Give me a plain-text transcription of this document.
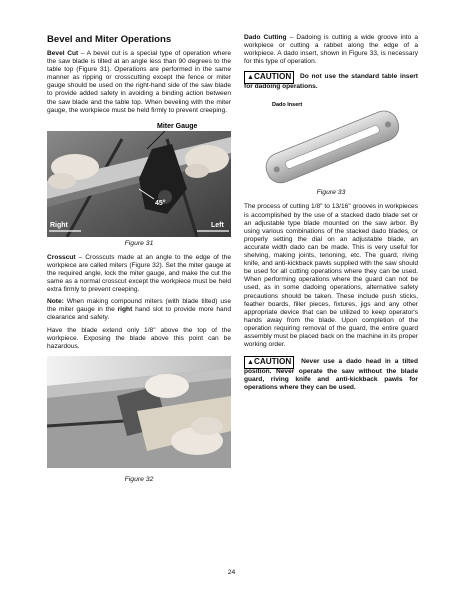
Bevel and Miter Operations

Bevel Cut – A bevel cut is a special type of operation where the saw blade is tilted at an angle less than 90 degrees to the table top (Figure 31). Operations are performed in the same manner as ripping or crosscutting except the fence or miter gauge should be used on the right-hand side of the saw blade to provide added safety in avoiding a binding action between the saw blade and the table top. When beveling with the miter gauge, the workpiece must be held firmly to prevent creeping.

Miter Gauge
45°
Right	Left
Figure 31

Crosscut – Crosscuts made at an angle to the edge of the workpiece are called miters (Figure 32). Set the miter gauge at the required angle, lock the miter gauge, and make the cut the same as a normal crosscut except the workpiece must be held extra firmly to prevent creeping.

Note: When making compound miters (with blade tilted) use the miter gauge in the right hand slot to provide more hand clearance and safety.

Have the blade extend only 1/8" above the top of the workpiece. Exposing the blade above this point can be hazardous.

Figure 32

Dado Cutting – Dadoing is cutting a wide groove into a workpiece or cutting a rabbet along the edge of a workpiece. A dado insert, shown in Figure 33, is necessary for this type of operation.

▲CAUTION Do not use the standard table insert for dadoing operations.
Dado Insert
Figure 33

The process of cutting 1/8" to 13/16" grooves in workpieces is accomplished by the use of a stacked dado blade set or an adjustable type blade mounted on the saw arbor. By using various combinations of the stacked dado blades, or properly setting the dial on an adjustable blade, an accurate width dado can be made. This is very useful for shelving, making joints, tenoning, etc. The guard, riving knife, and anti-kickback pawls supplied with the saw should be used for all cutting operations where they can be used. When performing operations where the guard can not be used, as in some dadoing operations, alternative safety precautions should be taken. These include push sticks, feather boards, filler pieces, fixtures, jigs and any other appropriate device that can be utilized to keep operator's hands away from the blade. Upon completion of the operation requiring removal of the guard, the entire guard assembly must be placed back on the machine in its proper working order.

▲CAUTION Never use a dado head in a tilted position. Never operate the saw without the blade guard, riving knife and anti-kickback pawls for operations where they can be used.
24
